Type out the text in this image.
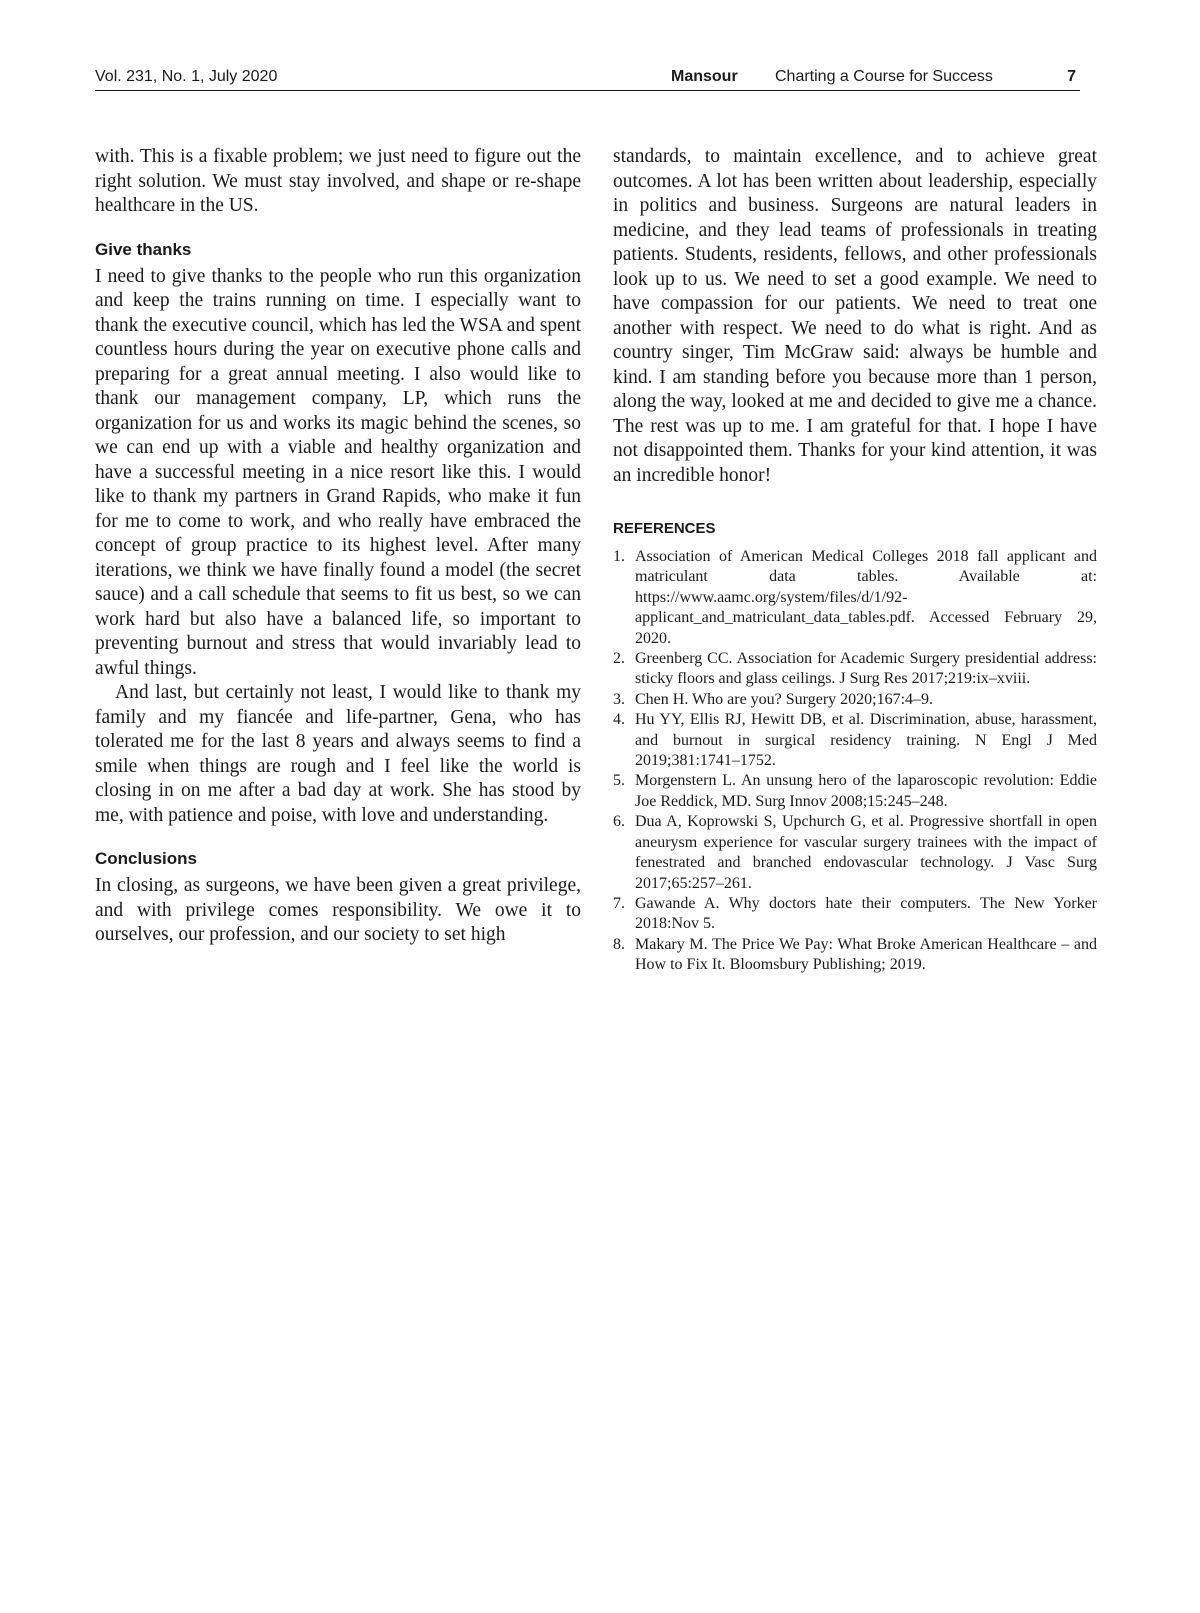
Vol. 231, No. 1, July 2020	Mansour Charting a Course for Success	7

with. This is a fixable problem; we just need to figure out the right solution. We must stay involved, and shape or re-shape healthcare in the US.

Give thanks

I need to give thanks to the people who run this organization and keep the trains running on time. I especially want to thank the executive council, which has led the WSA and spent countless hours during the year on executive phone calls and preparing for a great annual meeting. I also would like to thank our management company, LP, which runs the organization for us and works its magic behind the scenes, so we can end up with a viable and healthy organization and have a successful meeting in a nice resort like this. I would like to thank my partners in Grand Rapids, who make it fun for me to come to work, and who really have embraced the concept of group practice to its highest level. After many iterations, we think we have finally found a model (the secret sauce) and a call schedule that seems to fit us best, so we can work hard but also have a balanced life, so important to preventing burnout and stress that would invariably lead to awful things.

And last, but certainly not least, I would like to thank my family and my fiancée and life-partner, Gena, who has tolerated me for the last 8 years and always seems to find a smile when things are rough and I feel like the world is closing in on me after a bad day at work. She has stood by me, with patience and poise, with love and understanding.

Conclusions

In closing, as surgeons, we have been given a great privilege, and with privilege comes responsibility. We owe it to ourselves, our profession, and our society to set high

standards, to maintain excellence, and to achieve great outcomes. A lot has been written about leadership, especially in politics and business. Surgeons are natural leaders in medicine, and they lead teams of professionals in treating patients. Students, residents, fellows, and other professionals look up to us. We need to set a good example. We need to have compassion for our patients. We need to treat one another with respect. We need to do what is right. And as country singer, Tim McGraw said: always be humble and kind. I am standing before you because more than 1 person, along the way, looked at me and decided to give me a chance. The rest was up to me. I am grateful for that. I hope I have not disappointed them. Thanks for your kind attention, it was an incredible honor!

REFERENCES
1. Association of American Medical Colleges 2018 fall applicant and matriculant data tables. Available at: https://www.aamc.org/system/files/d/1/92-applicant_and_matriculant_data_tables.pdf. Accessed February 29, 2020.
2. Greenberg CC. Association for Academic Surgery presidential address: sticky floors and glass ceilings. J Surg Res 2017;219:ix–xviii.
3. Chen H. Who are you? Surgery 2020;167:4–9.
4. Hu YY, Ellis RJ, Hewitt DB, et al. Discrimination, abuse, harassment, and burnout in surgical residency training. N Engl J Med 2019;381:1741–1752.
5. Morgenstern L. An unsung hero of the laparoscopic revolution: Eddie Joe Reddick, MD. Surg Innov 2008;15:245–248.
6. Dua A, Koprowski S, Upchurch G, et al. Progressive shortfall in open aneurysm experience for vascular surgery trainees with the impact of fenestrated and branched endovascular technology. J Vasc Surg 2017;65:257–261.
7. Gawande A. Why doctors hate their computers. The New Yorker 2018:Nov 5.
8. Makary M. The Price We Pay: What Broke American Healthcare – and How to Fix It. Bloomsbury Publishing; 2019.
